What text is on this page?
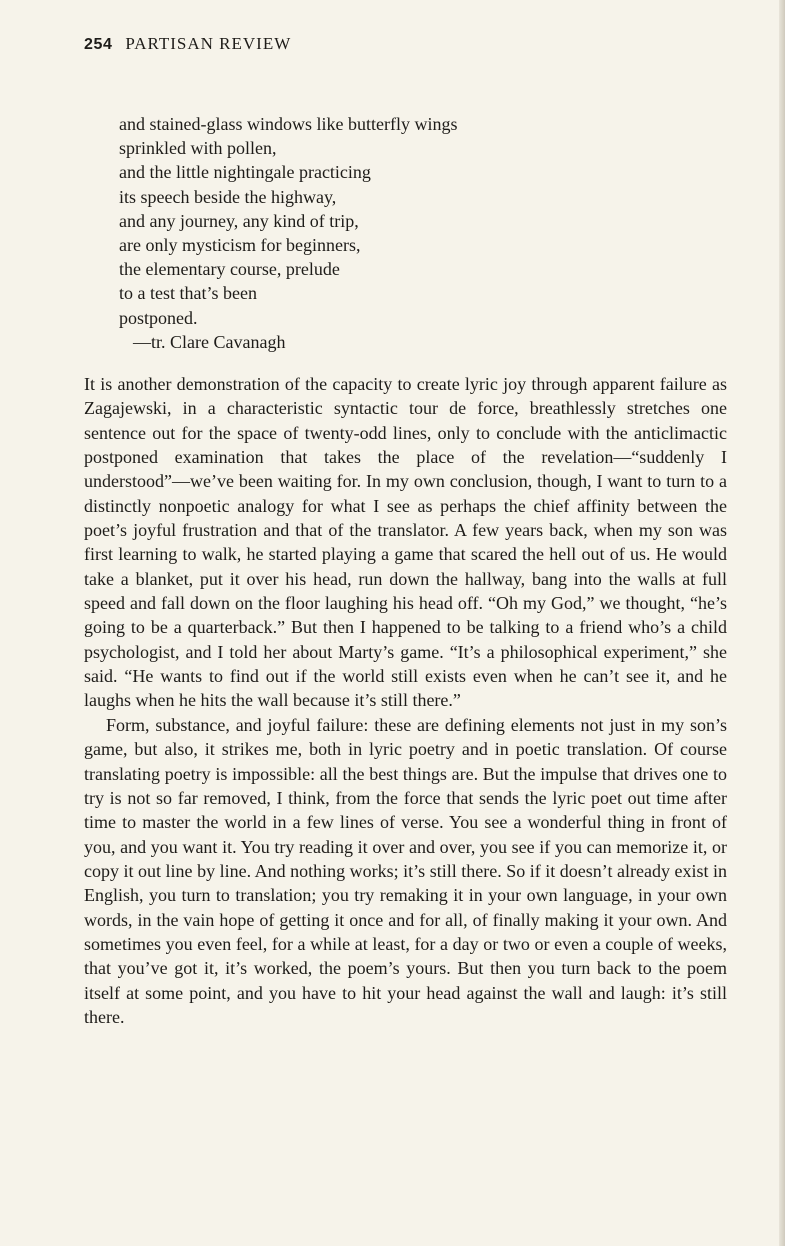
254 PARTISAN REVIEW
and stained-glass windows like butterfly wings
sprinkled with pollen,
and the little nightingale practicing
its speech beside the highway,
and any journey, any kind of trip,
are only mysticism for beginners,
the elementary course, prelude
to a test that’s been
postponed.
—tr. Clare Cavanagh

It is another demonstration of the capacity to create lyric joy through apparent failure as Zagajewski, in a characteristic syntactic tour de force, breathlessly stretches one sentence out for the space of twenty-odd lines, only to conclude with the anticlimactic postponed examination that takes the place of the revelation—“suddenly I understood”—we’ve been waiting for. In my own conclusion, though, I want to turn to a distinctly nonpoetic analogy for what I see as perhaps the chief affinity between the poet’s joyful frustration and that of the translator. A few years back, when my son was first learning to walk, he started playing a game that scared the hell out of us. He would take a blanket, put it over his head, run down the hallway, bang into the walls at full speed and fall down on the floor laughing his head off. “Oh my God,” we thought, “he’s going to be a quarterback.” But then I happened to be talking to a friend who’s a child psychologist, and I told her about Marty’s game. “It’s a philosophical experiment,” she said. “He wants to find out if the world still exists even when he can’t see it, and he laughs when he hits the wall because it’s still there.”

Form, substance, and joyful failure: these are defining elements not just in my son’s game, but also, it strikes me, both in lyric poetry and in poetic translation. Of course translating poetry is impossible: all the best things are. But the impulse that drives one to try is not so far removed, I think, from the force that sends the lyric poet out time after time to master the world in a few lines of verse. You see a wonderful thing in front of you, and you want it. You try reading it over and over, you see if you can memorize it, or copy it out line by line. And nothing works; it’s still there. So if it doesn’t already exist in English, you turn to translation; you try remaking it in your own language, in your own words, in the vain hope of getting it once and for all, of finally making it your own. And sometimes you even feel, for a while at least, for a day or two or even a couple of weeks, that you’ve got it, it’s worked, the poem’s yours. But then you turn back to the poem itself at some point, and you have to hit your head against the wall and laugh: it’s still there.
